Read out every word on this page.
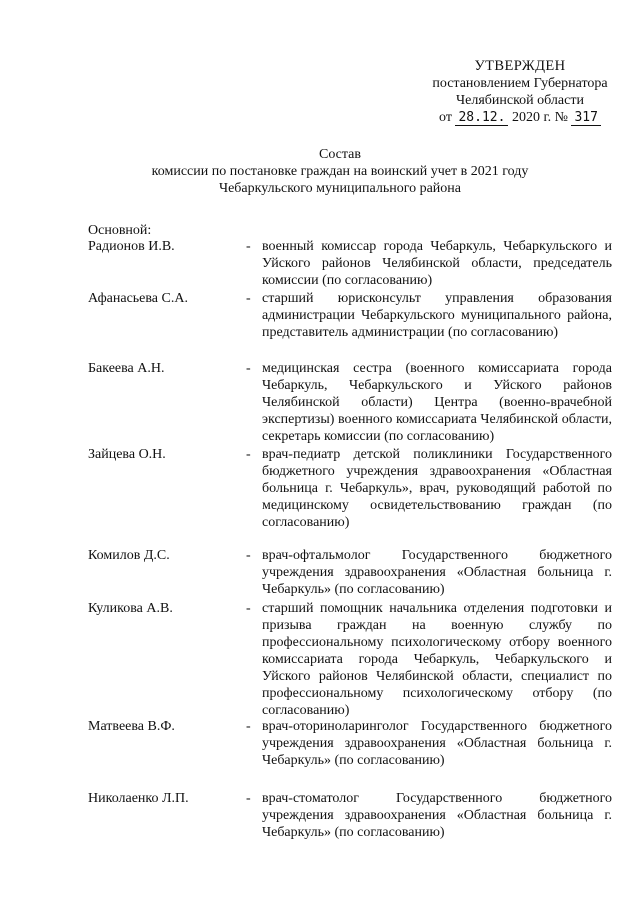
УТВЕРЖДЕН
постановлением Губернатора
Челябинской области
от 28.12. 2020 г. № 317
Состав
комиссии по постановке граждан на воинский учет в 2021 году
Чебаркульского муниципального района
Основной:
Радионов И.В.	- военный комиссар города Чебаркуль, Чебаркульского и Уйского районов Челябинской области, председатель комиссии (по согласованию)
Афанасьева С.А.	- старший юрисконсульт управления образования администрации Чебаркульского муниципального района, представитель администрации (по согласованию)
Бакеева А.Н.	- медицинская сестра (военного комиссариата города Чебаркуль, Чебаркульского и Уйского районов Челябинской области) Центра (военно-врачебной экспертизы) военного комиссариата Челябинской области, секретарь комиссии (по согласованию)
Зайцева О.Н.	- врач-педиатр детской поликлиники Государственного бюджетного учреждения здравоохранения «Областная больница г. Чебаркуль», врач, руководящий работой по медицинскому освидетельствованию граждан (по согласованию)
Комилов Д.С.	- врач-офтальмолог Государственного бюджетного учреждения здравоохранения «Областная больница г. Чебаркуль» (по согласованию)
Куликова А.В.	- старший помощник начальника отделения подготовки и призыва граждан на военную службу по профессиональному психологическому отбору военного комиссариата города Чебаркуль, Чебаркульского и Уйского районов Челябинской области, специалист по профессиональному психологическому отбору (по согласованию)
Матвеева В.Ф.	- врач-оториноларинголог Государственного бюджетного учреждения здравоохранения «Областная больница г. Чебаркуль» (по согласованию)
Николаенко Л.П.	- врач-стоматолог Государственного бюджетного учреждения здравоохранения «Областная больница г. Чебаркуль» (по согласованию)
